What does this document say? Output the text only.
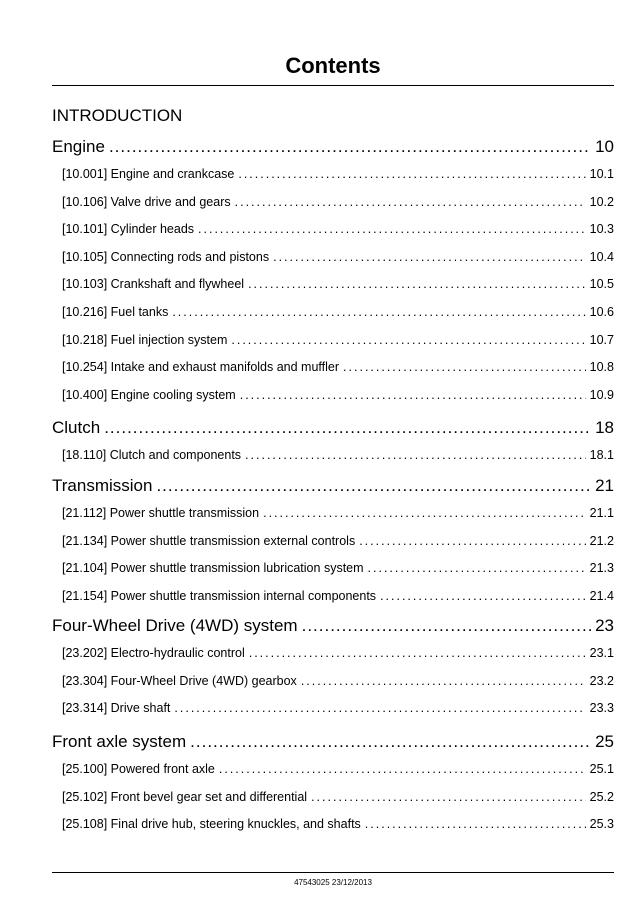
Contents
INTRODUCTION
Engine .....	10
[10.001] Engine and crankcase .....	10.1
[10.106] Valve drive and gears .....	10.2
[10.101] Cylinder heads .....	10.3
[10.105] Connecting rods and pistons .....	10.4
[10.103] Crankshaft and flywheel .....	10.5
[10.216] Fuel tanks .....	10.6
[10.218] Fuel injection system .....	10.7
[10.254] Intake and exhaust manifolds and muffler .....	10.8
[10.400] Engine cooling system .....	10.9
Clutch .....	18
[18.110] Clutch and components .....	18.1
Transmission .....	21
[21.112] Power shuttle transmission .....	21.1
[21.134] Power shuttle transmission external controls .....	21.2
[21.104] Power shuttle transmission lubrication system .....	21.3
[21.154] Power shuttle transmission internal components .....	21.4
Four-Wheel Drive (4WD) system .....	23
[23.202] Electro-hydraulic control .....	23.1
[23.304] Four-Wheel Drive (4WD) gearbox .....	23.2
[23.314] Drive shaft .....	23.3
Front axle system .....	25
[25.100] Powered front axle .....	25.1
[25.102] Front bevel gear set and differential .....	25.2
[25.108] Final drive hub, steering knuckles, and shafts .....	25.3
47543025 23/12/2013
